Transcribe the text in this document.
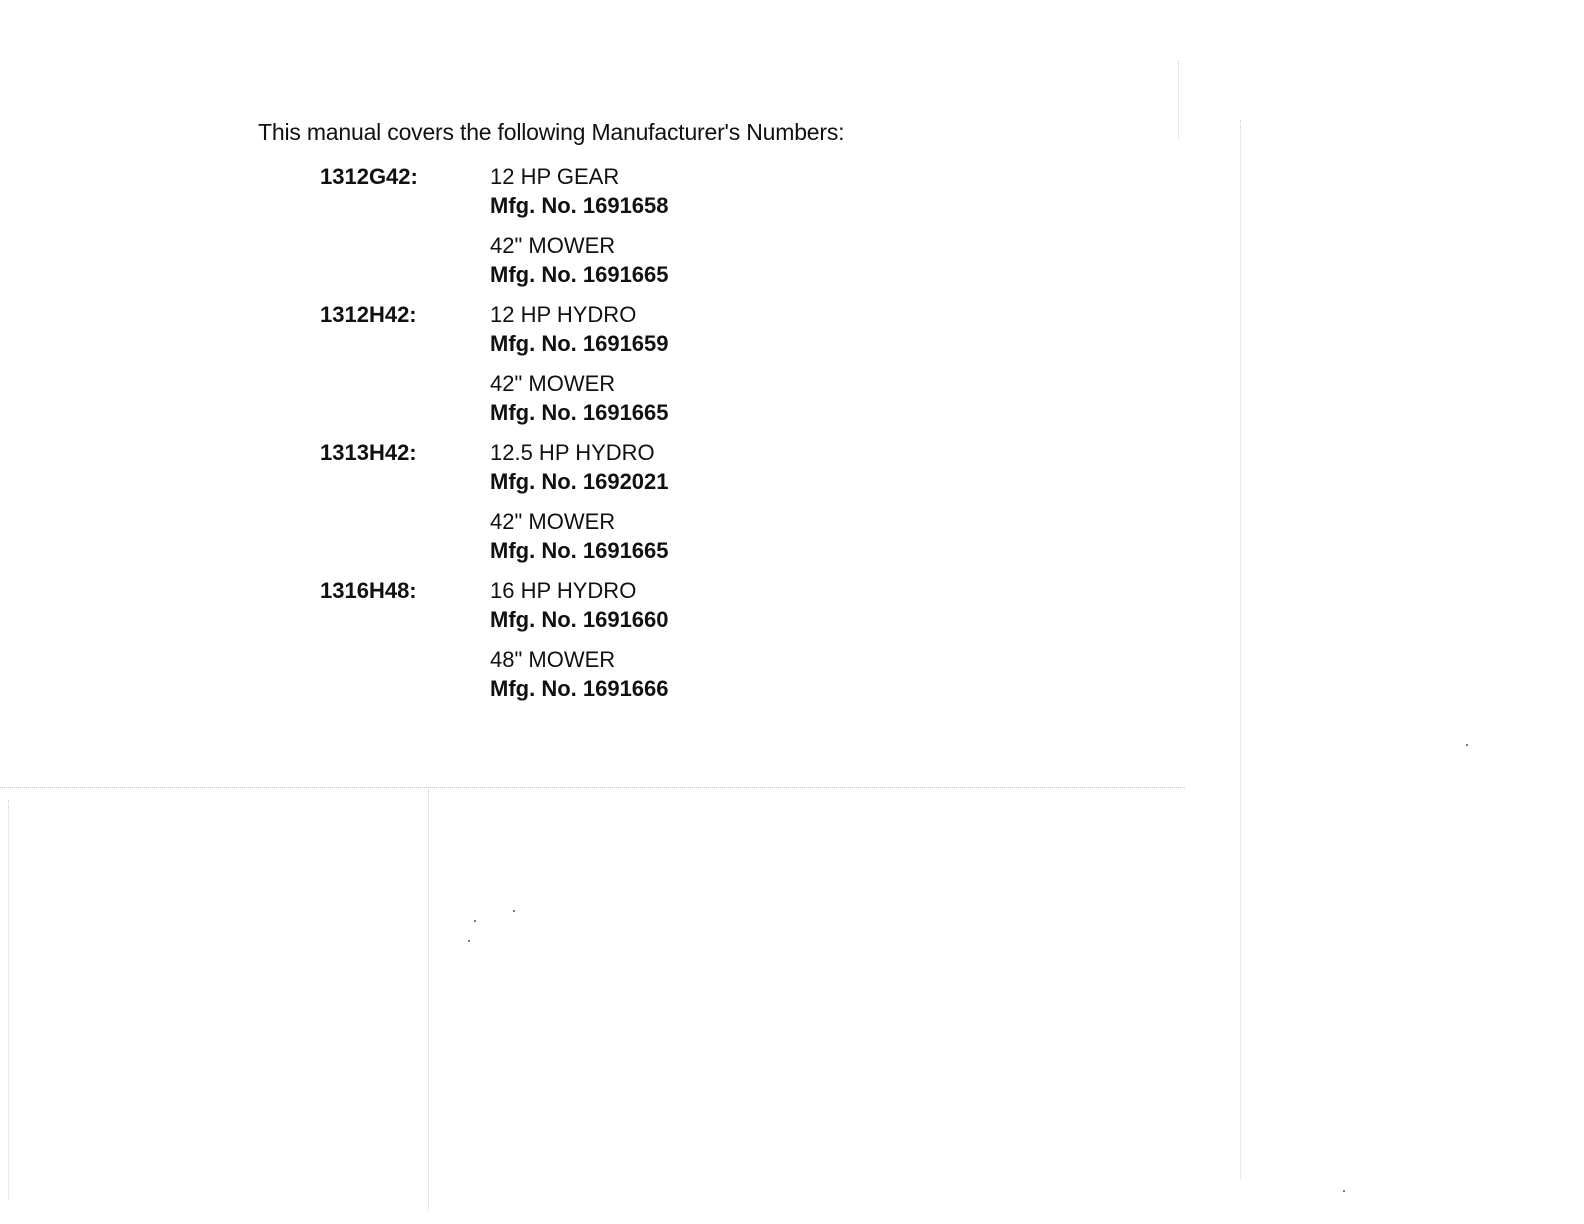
This manual covers the following Manufacturer's Numbers:
1312G42:	12 HP GEAR
Mfg. No. 1691658
42" MOWER
Mfg. No. 1691665
1312H42:	12 HP HYDRO
Mfg. No. 1691659
42" MOWER
Mfg. No. 1691665
1313H42:	12.5 HP HYDRO
Mfg. No. 1692021
42" MOWER
Mfg. No. 1691665
1316H48:	16 HP HYDRO
Mfg. No. 1691660
48" MOWER
Mfg. No. 1691666
